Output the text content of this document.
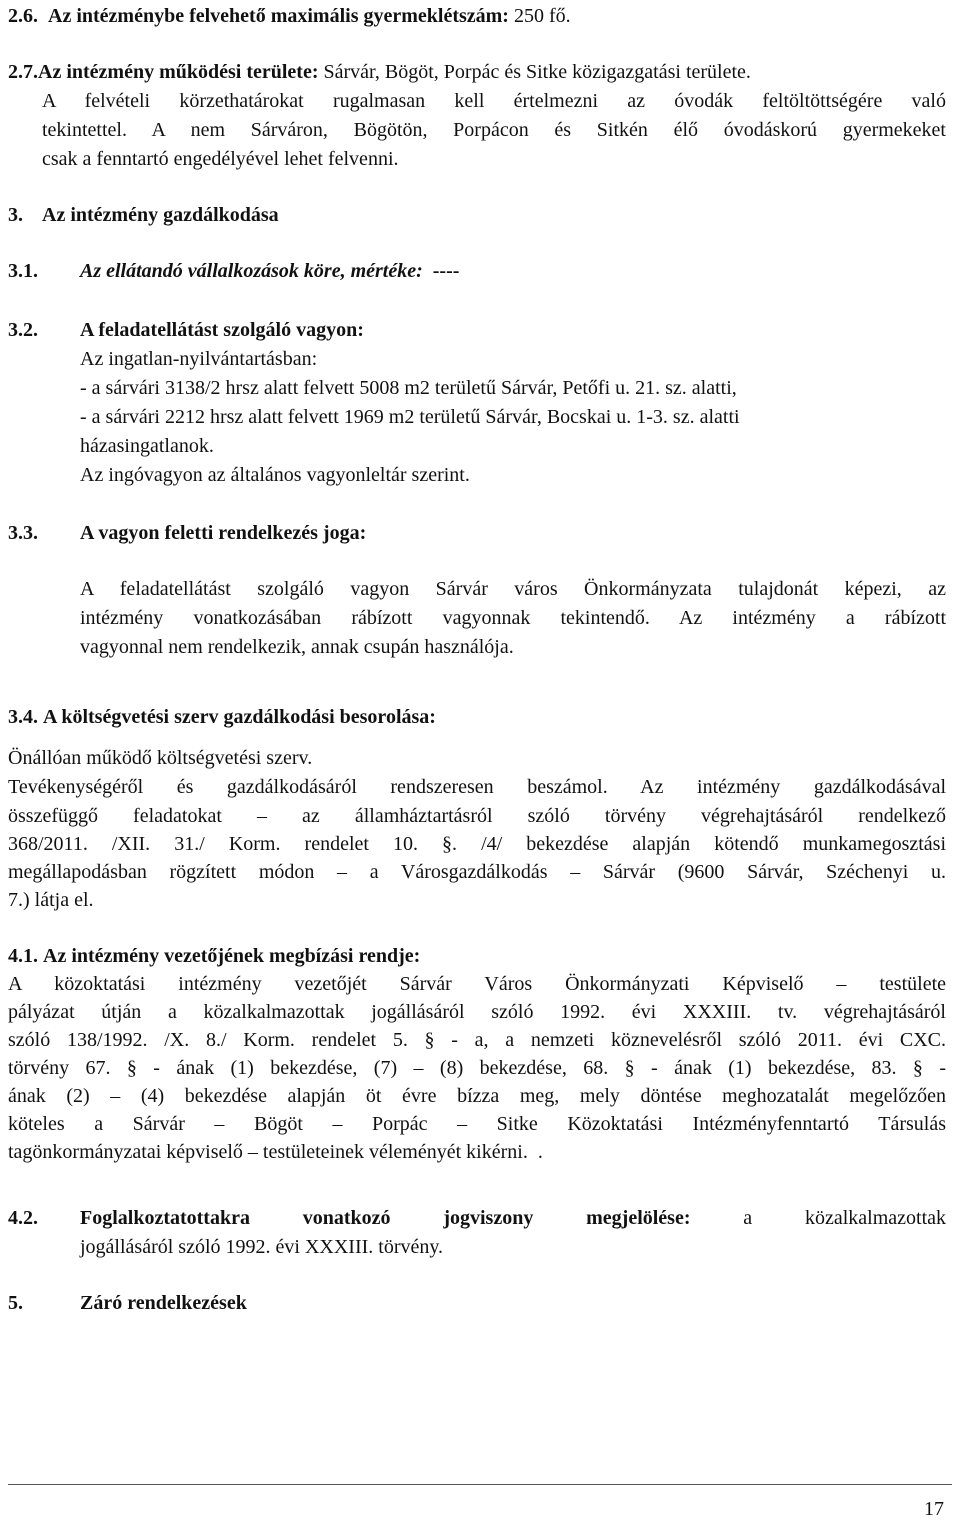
2.6. Az intézménybe felvehető maximális gyermeklétszám: 250 fő.
2.7.Az intézmény működési területe: Sárvár, Bögöt, Porpác és Sitke közigazgatási területe.
A felvételi körzethatárokat rugalmasan kell értelmezni az óvodák feltöltöttségére való
tekintettel. A nem Sárváron, Bögötön, Porpácon és Sitkén élő óvodáskorú gyermekeket
csak a fenntartó engedélyével lehet felvenni.
3. Az intézmény gazdálkodása
3.1. Az ellátandó vállalkozások köre, mértéke: ----
3.2. A feladatellátást szolgáló vagyon:
Az ingatlan-nyilvántartásban:
- a sárvári 3138/2 hrsz alatt felvett 5008 m2 területű Sárvár, Petőfi u. 21. sz. alatti,
- a sárvári 2212 hrsz alatt felvett 1969 m2 területű Sárvár, Bocskai u. 1-3. sz. alatti
házasingatlanok.
Az ingóvagyon az általános vagyonleltár szerint.
3.3. A vagyon feletti rendelkezés joga:
A feladatellátást szolgáló vagyon Sárvár város Önkormányzata tulajdonát képezi, az
intézmény vonatkozásában rábízott vagyonnak tekintendő. Az intézmény a rábízott
vagyonnal nem rendelkezik, annak csupán használója.
3.4. A költségvetési szerv gazdálkodási besorolása:
Önállóan működő költségvetési szerv.
Tevékenységéről és gazdálkodásáról rendszeresen beszámol. Az intézmény gazdálkodásával
összefüggő feladatokat – az államháztartásról szóló törvény végrehajtásáról rendelkező
368/2011. /XII. 31./ Korm. rendelet 10. §. /4/ bekezdése alapján kötendő munkamegosztási
megállapodásban rögzített módon – a Városgazdálkodás – Sárvár (9600 Sárvár, Széchenyi u.
7.) látja el.
4.1. Az intézmény vezetőjének megbízási rendje:
A közoktatási intézmény vezetőjét Sárvár Város Önkormányzati Képviselő – testülete
pályázat útján a közalkalmazottak jogállásáról szóló 1992. évi XXXIII. tv. végrehajtásáról
szóló 138/1992. /X. 8./ Korm. rendelet 5. § - a, a nemzeti köznevelésről szóló 2011. évi CXC.
törvény 67. § - ának (1) bekezdése, (7) – (8) bekezdése, 68. § - ának (1) bekezdése, 83. § -
ának (2) – (4) bekezdése alapján öt évre bízza meg, mely döntése meghozatalát megelőzően
köteles a Sárvár – Bögöt – Porpác – Sitke Közoktatási Intézményfenntartó Társulás
tagönkormányzatai képviselő – testületeinek véleményét kikérni.  .
4.2. Foglalkoztatottakra vonatkozó jogviszony megjelölése: a közalkalmazottak
jogállásáról szóló 1992. évi XXXIII. törvény.
5.	Záró rendelkezések
17
